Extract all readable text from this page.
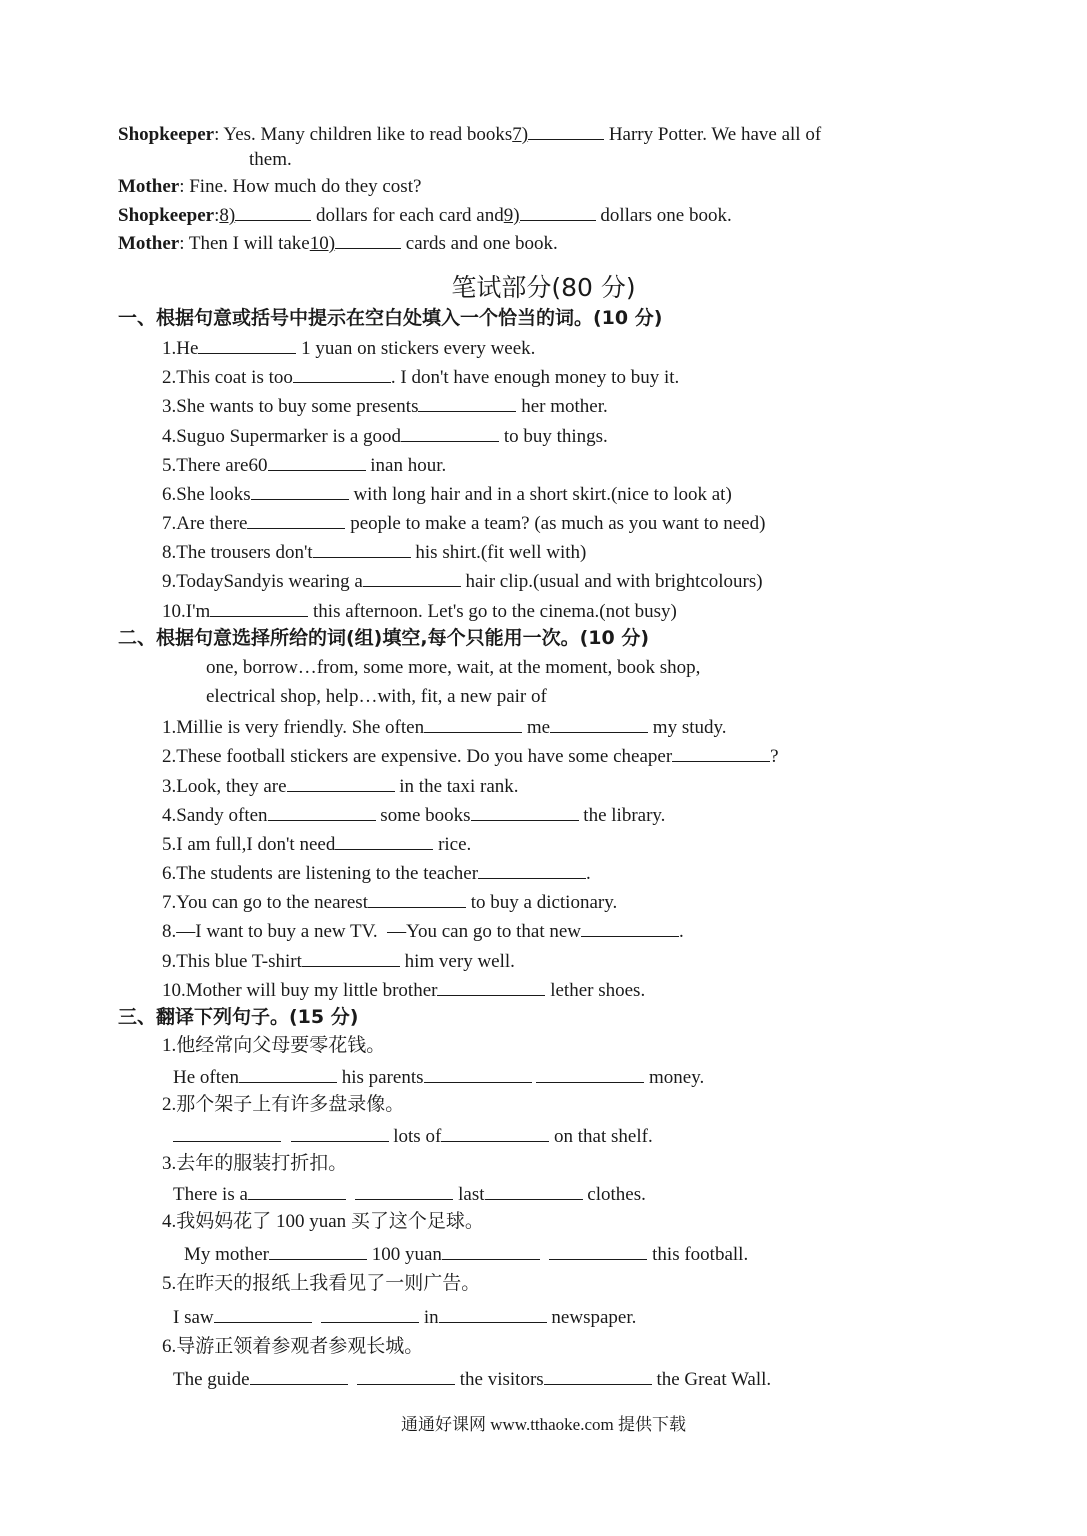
Shopkeeper: Yes. Many children like to read books7)	Harry Potter. We have all of
them.
Mother: Fine. How much do they cost?
Shopkeeper:8)	dollars for each card and9)	dollars one book.
Mother: Then I will take10)	cards and one book.
笔试部分(80 分)
一、根据句意或括号中提示在空白处填入一个恰当的词。(10 分)
1.He	1 yuan on stickers every week.
2.This coat is too	. I don't have enough money to buy it.
3.She wants to buy some presents	her mother.
4.Suguo Supermarker is a good	to buy things.
5.There are60	inan hour.
6.She looks	with long hair and in a short skirt.(nice to look at)
7.Are there	people to make a team? (as much as you want to need)
8.The trousers don't	his shirt.(fit well with)
9.TodaySandyis wearing a	hair clip.(usual and with brightcolours)
10.I'm	this afternoon. Let's go to the cinema.(not busy)
二、根据句意选择所给的词(组)填空,每个只能用一次。(10 分)
one, borrow…from, some more, wait, at the moment, book shop,
electrical shop, help…with, fit, a new pair of
1.Millie is very friendly. She often	me	my study.
2.These football stickers are expensive. Do you have some cheaper	?
3.Look, they are	in the taxi rank.
4.Sandy often	some books	the library.
5.I am full,I don't need	rice.
6.The students are listening to the teacher	.
7.You can go to the nearest	to buy a dictionary.
8.—I want to buy a new TV.  —You can go to that new	.
9.This blue T-shirt	him very well.
10.Mother will buy my little brother	lether shoes.
三、翻译下列句子。(15 分)
1.他经常向父母要零花钱。
He often	his parents	money.
2.那个架子上有许多盘录像。
lots of	on that shelf.
3.去年的服装打折扣。
There is a	last	clothes.
4.我妈妈花了 100 yuan 买了这个足球。
My mother	100 yuan	this football.
5.在昨天的报纸上我看见了一则广告。
I saw	in	newspaper.
6.导游正领着参观者参观长城。
The guide	the visitors	the Great Wall.
通通好课网 www.tthaoke.com 提供下载
